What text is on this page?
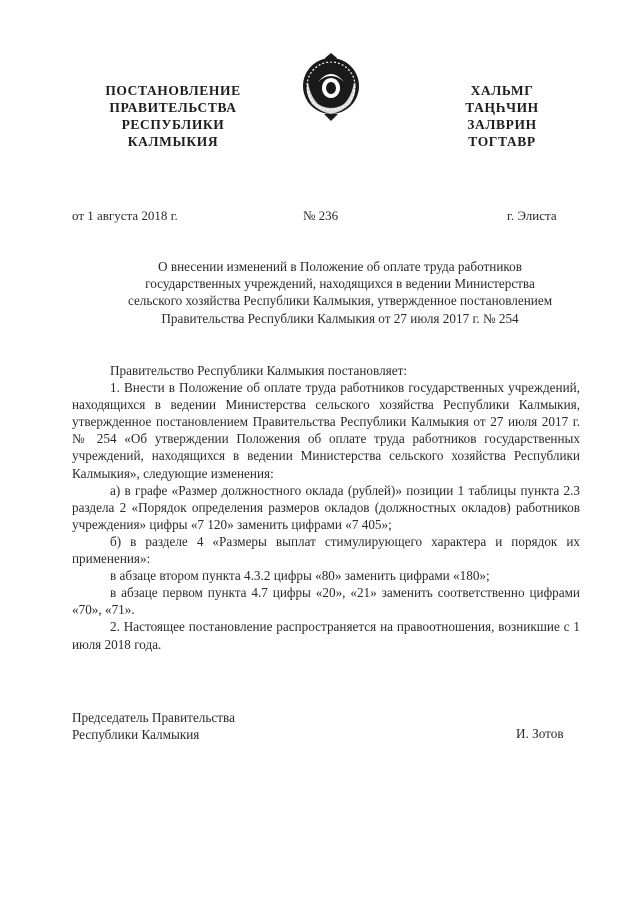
ПОСТАНОВЛЕНИЕ
ПРАВИТЕЛЬСТВА
РЕСПУБЛИКИ
КАЛМЫКИЯ
ХАЛЬМГ
ТАҢҺЧИН
ЗАЛВРИН
ТОГТАВР
от 1 августа 2018 г.	№ 236	г. Элиста
О внесении изменений в Положение об оплате труда работников
государственных учреждений, находящихся в ведении Министерства
сельского хозяйства Республики Калмыкия, утвержденное постановлением
Правительства Республики Калмыкия от 27 июля 2017 г. № 254
Правительство Республики Калмыкия постановляет:
1. Внести в Положение об оплате труда работников государственных учреждений, находящихся в ведении Министерства сельского хозяйства Республики Калмыкия, утвержденное постановлением Правительства Республики Калмыкия от 27 июля 2017 г. № 254 «Об утверждении Положения об оплате труда работников государственных учреждений, находящихся в ведении Министерства сельского хозяйства Республики Калмыкия», следующие изменения:
а) в графе «Размер должностного оклада (рублей)» позиции 1 таблицы пункта 2.3 раздела 2 «Порядок определения размеров окладов (должностных окладов) работников учреждения» цифры «7 120» заменить цифрами «7 405»;
б) в разделе 4 «Размеры выплат стимулирующего характера и порядок их применения»:
в абзаце втором пункта 4.3.2 цифры «80» заменить цифрами «180»;
в абзаце первом пункта 4.7 цифры «20», «21» заменить соответственно цифрами «70», «71».
2. Настоящее постановление распространяется на правоотношения, возникшие с 1 июля 2018 года.
Председатель Правительства
Республики Калмыкия	И. Зотов
